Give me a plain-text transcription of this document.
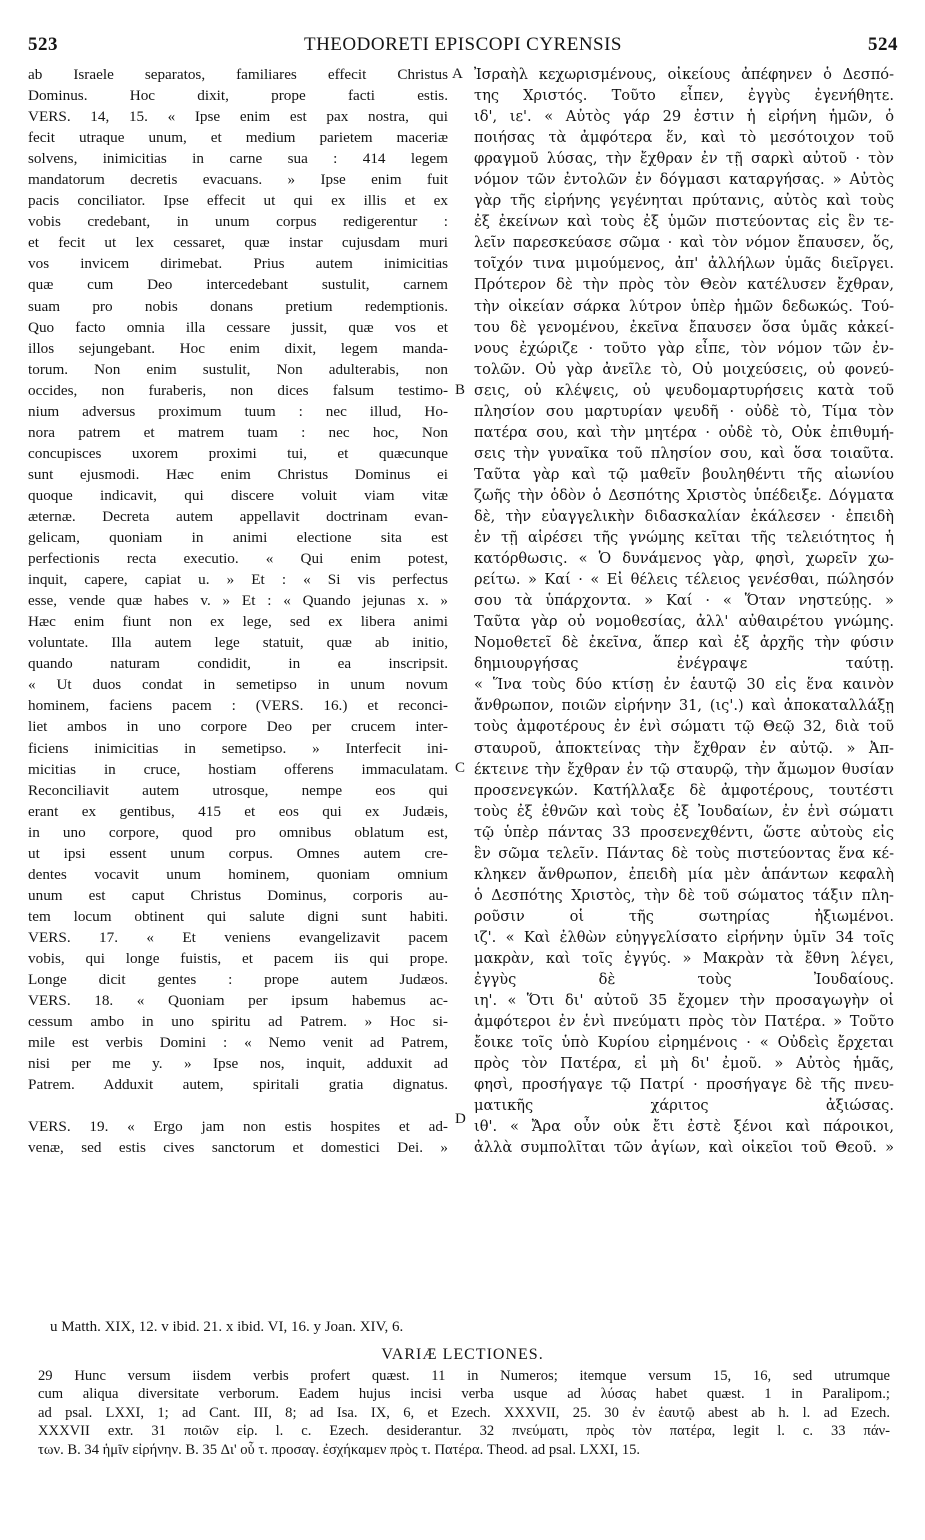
523	THEODORETI EPISCOPI CYRENSIS	524
ab Israele separatos, familiares effecit Christus
Dominus. Hoc dixit, prope facti estis.
VERS. 14, 15. « Ipse enim est pax nostra, qui
fecit utraque unum, et medium parietem maceriæ
solvens, inimicitias in carne sua : 414 legem
mandatorum decretis evacuans. » Ipse enim fuit
pacis conciliator. Ipse effecit ut qui ex illis et ex
vobis credebant, in unum corpus redigerentur :
et fecit ut lex cessaret, quæ instar cujusdam muri
vos invicem dirimebat. Prius autem inimicitias
quæ cum Deo intercedebant sustulit, carnem
suam pro nobis donans pretium redemptionis.
Quo facto omnia illa cessare jussit, quæ vos et
illos sejungebant. Hoc enim dixit, legem manda-
torum. Non enim sustulit, Non adulterabis, non
occides, non furaberis, non dices falsum testimo-
nium adversus proximum tuum : nec illud, Ho-
nora patrem et matrem tuam : nec hoc, Non
concupisces uxorem proximi tui, et quæcunque
sunt ejusmodi. Hæc enim Christus Dominus ei
quoque indicavit, qui discere voluit viam vitæ
æternæ. Decreta autem appellavit doctrinam evan-
gelicam, quoniam in animi electione sita est
perfectionis recta executio. « Qui enim potest,
inquit, capere, capiat u. » Et : « Si vis perfectus
esse, vende quæ habes v. » Et : « Quando jejunas x. »
Hæc enim fiunt non ex lege, sed ex libera animi
voluntate. Illa autem lege statuit, quæ ab initio,
quando naturam condidit, in ea inscripsit.
« Ut duos condat in semetipso in unum novum
hominem, faciens pacem : (VERS. 16.) et reconci-
liet ambos in uno corpore Deo per crucem inter-
ficiens inimicitias in semetipso. » Interfecit ini-
micitias in cruce, hostiam offerens immaculatam.
Reconciliavit autem utrosque, nempe eos qui
erant ex gentibus, 415 et eos qui ex Judæis,
in uno corpore, quod pro omnibus oblatum est,
ut ipsi essent unum corpus. Omnes autem cre-
dentes vocavit unum hominem, quoniam omnium
unum est caput Christus Dominus, corporis au-
tem locum obtinent qui salute digni sunt habiti.
VERS. 17. « Et veniens evangelizavit pacem
vobis, qui longe fuistis, et pacem iis qui prope.
Longe dicit gentes : prope autem Judæos.
VERS. 18. « Quoniam per ipsum habemus ac-
cessum ambo in uno spiritu ad Patrem. » Hoc si-
mile est verbis Domini : « Nemo venit ad Patrem,
nisi per me y. » Ipse nos, inquit, adduxit ad
Patrem. Adduxit autem, spiritali gratia dignatus.
VERS. 19. « Ergo jam non estis hospites et ad-
venæ, sed estis cives sanctorum et domestici Dei. »
Ἰσραὴλ κεχωρισμένους, οἰκείους ἀπέφηνεν ὁ Δεσπό-
της Χριστός. Τοῦτο εἶπεν, ἐγγὺς ἐγενήθητε.
ιδ', ιε'. « Αὐτὸς γάρ 29 ἐστιν ἡ εἰρήνη ἡμῶν, ὁ
ποιήσας τὰ ἀμφότερα ἕν, καὶ τὸ μεσότοιχον τοῦ
φραγμοῦ λύσας, τὴν ἔχθραν ἐν τῇ σαρκὶ αὐτοῦ · τὸν
νόμον τῶν ἐντολῶν ἐν δόγμασι καταργήσας. » Αὐτὸς
γὰρ τῆς εἰρήνης γεγένηται πρύτανις, αὐτὸς καὶ τοὺς
ἐξ ἐκείνων καὶ τοὺς ἐξ ὑμῶν πιστεύοντας εἰς ἓν τε-
λεῖν παρεσκεύασε σῶμα · καὶ τὸν νόμον ἔπαυσεν, ὅς,
τοῖχόν τινα μιμούμενος, ἀπ' ἀλλήλων ὑμᾶς διεῖργει.
Πρότερον δὲ τὴν πρὸς τὸν Θεὸν κατέλυσεν ἔχθραν,
τὴν οἰκείαν σάρκα λύτρον ὑπὲρ ἡμῶν δεδωκώς. Τού-
του δὲ γενομένου, ἐκεῖνα ἔπαυσεν ὅσα ὑμᾶς κἀκεί-
νους ἐχώριζε · τοῦτο γὰρ εἶπε, τὸν νόμον τῶν ἐν-
τολῶν. Οὐ γὰρ ἀνεῖλε τὸ, Οὐ μοιχεύσεις, οὐ φονεύ-
σεις, οὐ κλέψεις, οὐ ψευδομαρτυρήσεις κατὰ τοῦ
πλησίον σου μαρτυρίαν ψευδῆ · οὐδὲ τὸ, Τίμα τὸν
πατέρα σου, καὶ τὴν μητέρα · οὐδὲ τὸ, Οὐκ ἐπιθυμή-
σεις τὴν γυναῖκα τοῦ πλησίον σου, καὶ ὅσα τοιαῦτα.
Ταῦτα γὰρ καὶ τῷ μαθεῖν βουληθέντι τῆς αἰωνίου
ζωῆς τὴν ὁδὸν ὁ Δεσπότης Χριστὸς ὑπέδειξε. Δόγματα
δὲ, τὴν εὐαγγελικὴν διδασκαλίαν ἐκάλεσεν · ἐπειδὴ
ἐν τῇ αἱρέσει τῆς γνώμης κεῖται τῆς τελειότητος ἡ
κατόρθωσις. « Ὁ δυνάμενος γὰρ, φησὶ, χωρεῖν χω-
ρείτω. » Καί · « Εἰ θέλεις τέλειος γενέσθαι, πώλησόν
σου τὰ ὑπάρχοντα. » Καί · « Ὅταν νηστεύῃς. »
Ταῦτα γὰρ οὐ νομοθεσίας, ἀλλ' αὐθαιρέτου γνώμης.
Νομοθετεῖ δὲ ἐκεῖνα, ἅπερ καὶ ἐξ ἀρχῆς τὴν φύσιν
δημιουργήσας ἐνέγραψε ταύτῃ.
« Ἵνα τοὺς δύο κτίσῃ ἐν ἑαυτῷ 30 εἰς ἕνα καινὸν
ἄνθρωπον, ποιῶν εἰρήνην 31, (ις'.) καὶ ἀποκαταλλάξῃ
τοὺς ἀμφοτέρους ἐν ἑνὶ σώματι τῷ Θεῷ 32, διὰ τοῦ
σταυροῦ, ἀποκτείνας τὴν ἔχθραν ἐν αὐτῷ. » Ἀπ-
έκτεινε τὴν ἔχθραν ἐν τῷ σταυρῷ, τὴν ἄμωμον θυσίαν
προσενεγκών. Κατήλλαξε δὲ ἀμφοτέρους, τουτέστι
τοὺς ἐξ ἐθνῶν καὶ τοὺς ἐξ Ἰουδαίων, ἐν ἑνὶ σώματι
τῷ ὑπὲρ πάντας 33 προσενεχθέντι, ὥστε αὐτοὺς εἰς
ἓν σῶμα τελεῖν. Πάντας δὲ τοὺς πιστεύοντας ἕνα κέ-
κληκεν ἄνθρωπον, ἐπειδὴ μία μὲν ἁπάντων κεφαλὴ
ὁ Δεσπότης Χριστὸς, τὴν δὲ τοῦ σώματος τάξιν πλη-
ροῦσιν οἱ τῆς σωτηρίας ἠξιωμένοι.
ιζ'. « Καὶ ἐλθὼν εὐηγγελίσατο εἰρήνην ὑμῖν 34 τοῖς
μακρὰν, καὶ τοῖς ἐγγύς. » Μακρὰν τὰ ἔθνη λέγει,
ἐγγὺς δὲ τοὺς Ἰουδαίους.
ιη'. « Ὅτι δι' αὐτοῦ 35 ἔχομεν τὴν προσαγωγὴν οἱ
ἀμφότεροι ἐν ἑνὶ πνεύματι πρὸς τὸν Πατέρα. » Τοῦτο
ἔοικε τοῖς ὑπὸ Κυρίου εἰρημένοις · « Οὐδεὶς ἔρχεται
πρὸς τὸν Πατέρα, εἰ μὴ δι' ἐμοῦ. » Αὐτὸς ἡμᾶς,
φησὶ, προσήγαγε τῷ Πατρί · προσήγαγε δὲ τῆς πνευ-
ματικῆς χάριτος ἀξιώσας.
ιθ'. « Ἄρα οὖν οὐκ ἔτι ἐστὲ ξένοι καὶ πάροικοι,
ἀλλὰ συμπολῖται τῶν ἁγίων, καὶ οἰκεῖοι τοῦ Θεοῦ. »
A
B
C
D
u Matth. XIX, 12. v ibid. 21. x ibid. VI, 16. y Joan. XIV, 6.
VARIÆ LECTIONES.
29 Hunc versum iisdem verbis profert quæst. 11 in Numeros; itemque versum 15, 16, sed utrumque
cum aliqua diversitate verborum. Eadem hujus incisi verba usque ad λύσας habet quæst. 1 in Paralipom.;
ad psal. LXXI, 1; ad Cant. III, 8; ad Isa. IX, 6, et Ezech. XXXVII, 25. 30 ἐν ἑαυτῷ abest ab h. l. ad Ezech.
XXXVII extr. 31 ποιῶν εἰρ. l. c. Ezech. desiderantur. 32 πνεύματι, πρὸς τὸν πατέρα, legit l. c. 33 πάν-
των. B. 34 ἡμῖν εἰρήνην. B. 35 Δι' οὗ τ. προσαγ. ἐσχήκαμεν πρὸς τ. Πατέρα. Theod. ad psal. LXXI, 15.
